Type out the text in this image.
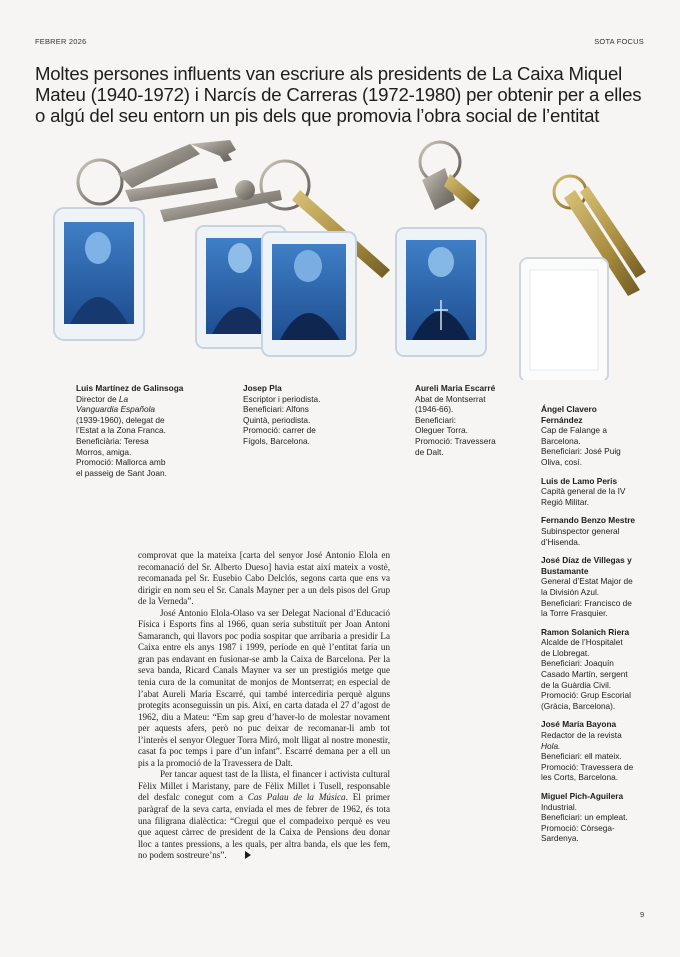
FEBRER 2026	SOTA FOCUS
Moltes persones influents van escriure als presidents de La Caixa Miquel Mateu (1940-1972) i Narcís de Carreras (1972-1980) per obtenir per a elles o algú del seu entorn un pis dels que promovia l’obra social de l’entitat
Luis Martínez de Galinsoga
Director de La
Vanguardia Española
(1939-1960), delegat de
l’Estat a la Zona Franca.
Beneficiària: Teresa
Morros, amiga.
Promoció: Mallorca amb
el passeig de Sant Joan.
Josep Pla
Escriptor i periodista.
Beneficiari: Alfons
Quintà, periodista.
Promoció: carrer de
Fígols, Barcelona.
Aureli Maria Escarré
Abat de Montserrat
(1946-66).
Beneficiari:
Oleguer Torra.
Promoció: Travessera
de Dalt.
Ángel Clavero
Fernández
Cap de Falange a
Barcelona.
Beneficiari: José Puig
Oliva, cosí.
Luis de Lamo Peris
Capità general de la IV
Regió Militar.
Fernando Benzo Mestre
Subinspector general
d’Hisenda.
José Díaz de Villegas y
Bustamante
General d’Estat Major de
la División Azul.
Beneficiari: Francisco de
la Torre Frasquier.
Ramon Solanich Riera
Alcalde de l’Hospitalet
de Llobregat.
Beneficiari: Joaquín
Casado Martín, sergent
de la Guàrdia Civil.
Promoció: Grup Escorial
(Gràcia, Barcelona).
José María Bayona
Redactor de la revista
Hola.
Beneficiari: ell mateix.
Promoció: Travessera de
les Corts, Barcelona.
Miguel Pich-Aguilera
Industrial.
Beneficiari: un empleat.
Promoció: Còrsega-
Sardenya.

comprovat que la mateixa [carta del senyor José Antonio Elola en recomanació del Sr. Alberto Dueso] havia estat així mateix a vostè, recomanada pel Sr. Eusebio Cabo Delclós, segons carta que ens va dirigir en nom seu el Sr. Canals Mayner per a un dels pisos del Grup de la Verneda”.

José Antonio Elola-Olaso va ser Delegat Nacional d’Educació Física i Esports fins al 1966, quan seria substituït per Joan Antoni Samaranch, qui llavors poc podia sospitar que arribaria a presidir La Caixa entre els anys 1987 i 1999, període en què l’entitat faria un gran pas endavant en fusionar-se amb la Caixa de Barcelona. Per la seva banda, Ricard Canals Mayner va ser un prestigiós metge que tenia cura de la comunitat de monjos de Montserrat; en especial de l’abat Aureli Maria Escarré, qui també intercediria perquè alguns protegits aconseguissin un pis. Així, en carta datada el 27 d’agost de 1962, diu a Mateu: “Em sap greu d’haver-lo de molestar novament per aquests afers, però no puc deixar de recomanar-li amb tot l’interès el senyor Oleguer Torra Miró, molt lligat al nostre monestir, casat fa poc temps i pare d’un infant”. Escarré demana per a ell un pis a la promoció de la Travessera de Dalt.

Per tancar aquest tast de la llista, el financer i activista cultural Fèlix Millet i Maristany, pare de Fèlix Millet i Tusell, responsable del desfalc conegut com a Cas Palau de la Música. El primer paràgraf de la seva carta, enviada el mes de febrer de 1962, és tota una filigrana dialèctica: “Cregui que el compadeixo perquè es veu que aquest càrrec de president de la Caixa de Pensions deu donar lloc a tantes pressions, a les quals, per altra banda, els que les fem, no podem sostreure’ns”.

9
